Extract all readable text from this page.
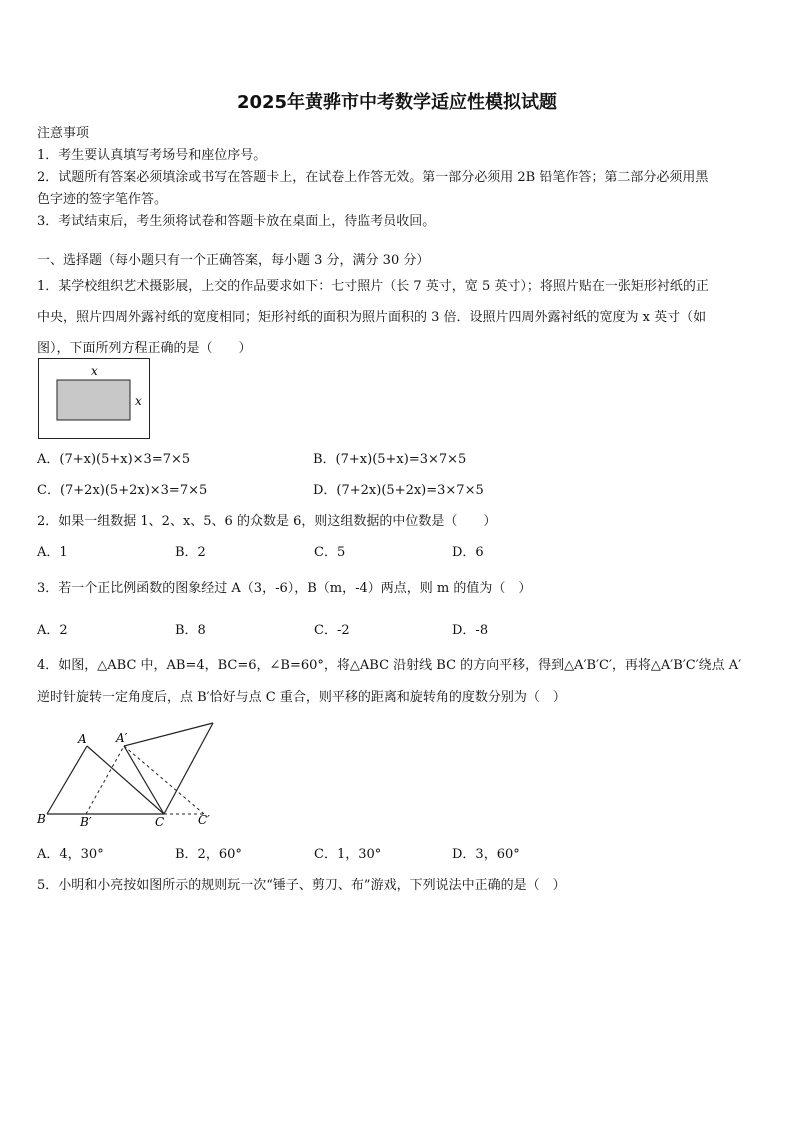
2025年黄骅市中考数学适应性模拟试题
注意事项
1．考生要认真填写考场号和座位序号。
2．试题所有答案必须填涂或书写在答题卡上，在试卷上作答无效。第一部分必须用 2B 铅笔作答；第二部分必须用黑
色字迹的签字笔作答。
3．考试结束后，考生须将试卷和答题卡放在桌面上，待监考员收回。
一、选择题（每小题只有一个正确答案，每小题 3 分，满分 30 分）
1．某学校组织艺术摄影展，上交的作品要求如下：七寸照片（长 7 英寸，宽 5 英寸）；将照片贴在一张矩形衬纸的正
中央，照片四周外露衬纸的宽度相同；矩形衬纸的面积为照片面积的 3 倍．设照片四周外露衬纸的宽度为 x 英寸（如
图），下面所列方程正确的是（　　）
x
x
A．(7+x)(5+x)×3=7×5	B．(7+x)(5+x)=3×7×5
C．(7+2x)(5+2x)×3=7×5	D．(7+2x)(5+2x)=3×7×5
2．如果一组数据 1、2、x、5、6 的众数是 6，则这组数据的中位数是（　　）
A．1	B．2	C．5	D．6
3．若一个正比例函数的图象经过 A（3，-6），B（m，-4）两点，则 m 的值为（　）
A．2	B．8	C．-2	D．-8
4．如图，△ABC 中，AB=4，BC=6，∠B=60°，将△ABC 沿射线 BC 的方向平移，得到△A′B′C′，再将△A′B′C′绕点 A′
逆时针旋转一定角度后，点 B′恰好与点 C 重合，则平移的距离和旋转角的度数分别为（　）
A A′
B	B′	C	C′
A．4，30°	B．2，60°	C．1，30°	D．3，60°
5．小明和小亮按如图所示的规则玩一次“锤子、剪刀、布”游戏，下列说法中正确的是（　）
